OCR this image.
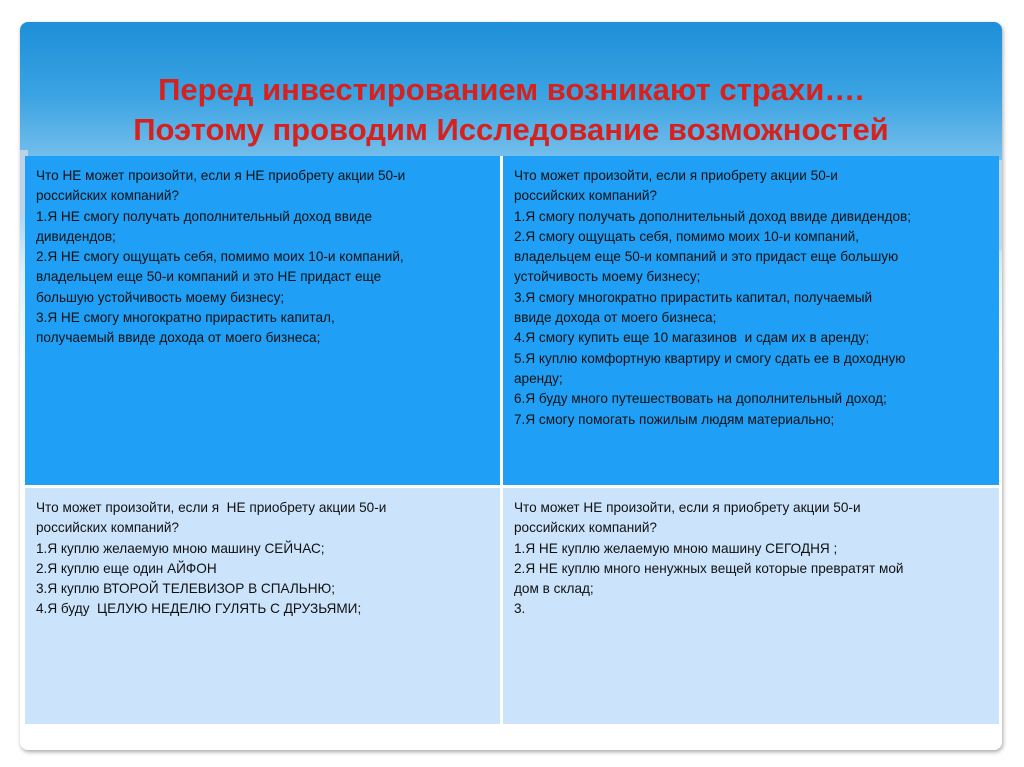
Перед инвестированием возникают страхи….
Поэтому проводим Исследование возможностей
Что НЕ может произойти, если я НЕ приобрету акции 50-и
российских компаний?
1.Я НЕ смогу получать дополнительный доход ввиде
дивидендов;
2.Я НЕ смогу ощущать себя, помимо моих 10-и компаний,
владельцем еще 50-и компаний и это НЕ придаст еще
большую устойчивость моему бизнесу;
3.Я НЕ смогу многократно прирастить капитал,
получаемый ввиде дохода от моего бизнеса;
Что может произойти, если я приобрету акции 50-и
российских компаний?
1.Я смогу получать дополнительный доход ввиде дивидендов;
2.Я смогу ощущать себя, помимо моих 10-и компаний,
владельцем еще 50-и компаний и это придаст еще большую
устойчивость моему бизнесу;
3.Я смогу многократно прирастить капитал, получаемый
ввиде дохода от моего бизнеса;
4.Я смогу купить еще 10 магазинов  и сдам их в аренду;
5.Я куплю комфортную квартиру и смогу сдать ее в доходную
аренду;
6.Я буду много путешествовать на дополнительный доход;
7.Я смогу помогать пожилым людям материально;
Что может произойти, если я  НЕ приобрету акции 50-и
российских компаний?
1.Я куплю желаемую мною машину СЕЙЧАС;
2.Я куплю еще один АЙФОН
3.Я куплю ВТОРОЙ ТЕЛЕВИЗОР В СПАЛЬНЮ;
4.Я буду  ЦЕЛУЮ НЕДЕЛЮ ГУЛЯТЬ С ДРУЗЬЯМИ;
Что может НЕ произойти, если я приобрету акции 50-и
российских компаний?
1.Я НЕ куплю желаемую мною машину СЕГОДНЯ ;
2.Я НЕ куплю много ненужных вещей которые превратят мой
дом в склад;
3.
